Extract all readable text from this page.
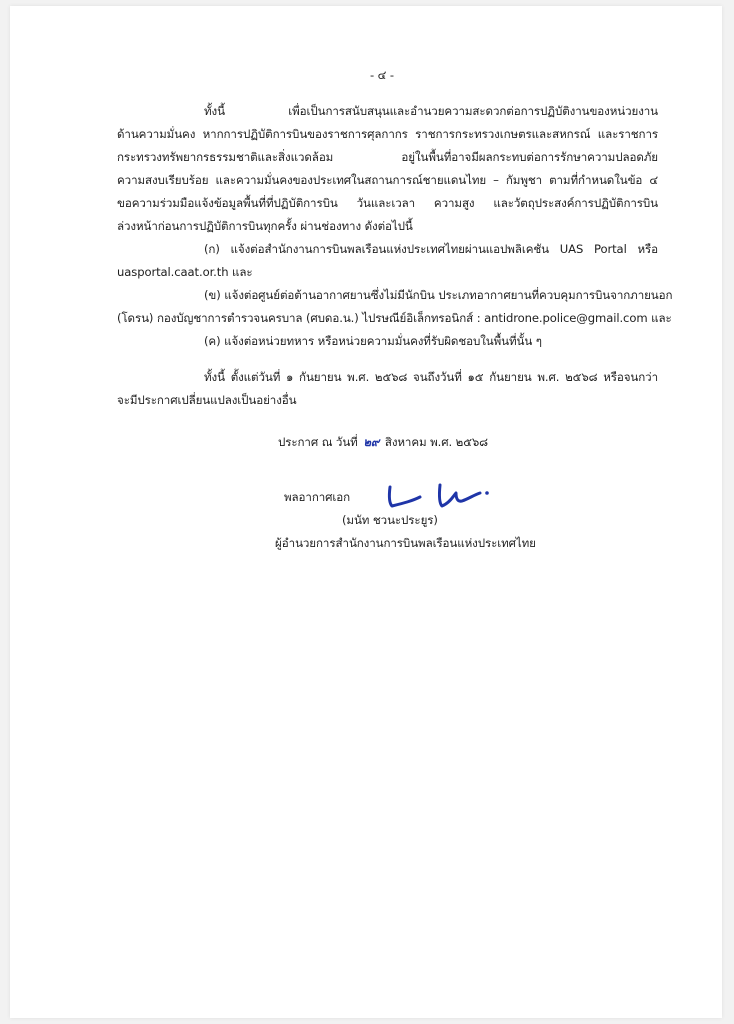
- ๔ -
ทั้งนี้ เพื่อเป็นการสนับสนุนและอำนวยความสะดวกต่อการปฏิบัติงานของหน่วยงาน
ด้านความมั่นคง หากการปฏิบัติการบินของราชการศุลกากร ราชการกระทรวงเกษตรและสหกรณ์ และราชการ
กระทรวงทรัพยากรธรรมชาติและสิ่งแวดล้อม อยู่ในพื้นที่อาจมีผลกระทบต่อการรักษาความปลอดภัย
ความสงบเรียบร้อย และความมั่นคงของประเทศในสถานการณ์ชายแดนไทย – กัมพูชา ตามที่กำหนดในข้อ ๔
ขอความร่วมมือแจ้งข้อมูลพื้นที่ที่ปฏิบัติการบิน วันและเวลา ความสูง และวัตถุประสงค์การปฏิบัติการบิน
ล่วงหน้าก่อนการปฏิบัติการบินทุกครั้ง ผ่านช่องทาง ดังต่อไปนี้
(ก) แจ้งต่อสำนักงานการบินพลเรือนแห่งประเทศไทยผ่านแอปพลิเคชัน UAS Portal หรือ
uasportal.caat.or.th และ
(ข) แจ้งต่อศูนย์ต่อต้านอากาศยานซึ่งไม่มีนักบิน ประเภทอากาศยานที่ควบคุมการบินจากภายนอก
(โดรน) กองบัญชาการตำรวจนครบาล (ศบดอ.น.) ไปรษณีย์อิเล็กทรอนิกส์ : antidrone.police@gmail.com และ
(ค) แจ้งต่อหน่วยทหาร หรือหน่วยความมั่นคงที่รับผิดชอบในพื้นที่นั้น ๆ
ทั้งนี้ ตั้งแต่วันที่ ๑ กันยายน พ.ศ. ๒๕๖๘ จนถึงวันที่ ๑๕ กันยายน พ.ศ. ๒๕๖๘ หรือจนกว่า
จะมีประกาศเปลี่ยนแปลงเป็นอย่างอื่น
ประกาศ ณ วันที่ ๒๙ สิงหาคม พ.ศ. ๒๕๖๘
พลอากาศเอก
(มนัท ชวนะประยูร)
ผู้อำนวยการสำนักงานการบินพลเรือนแห่งประเทศไทย
